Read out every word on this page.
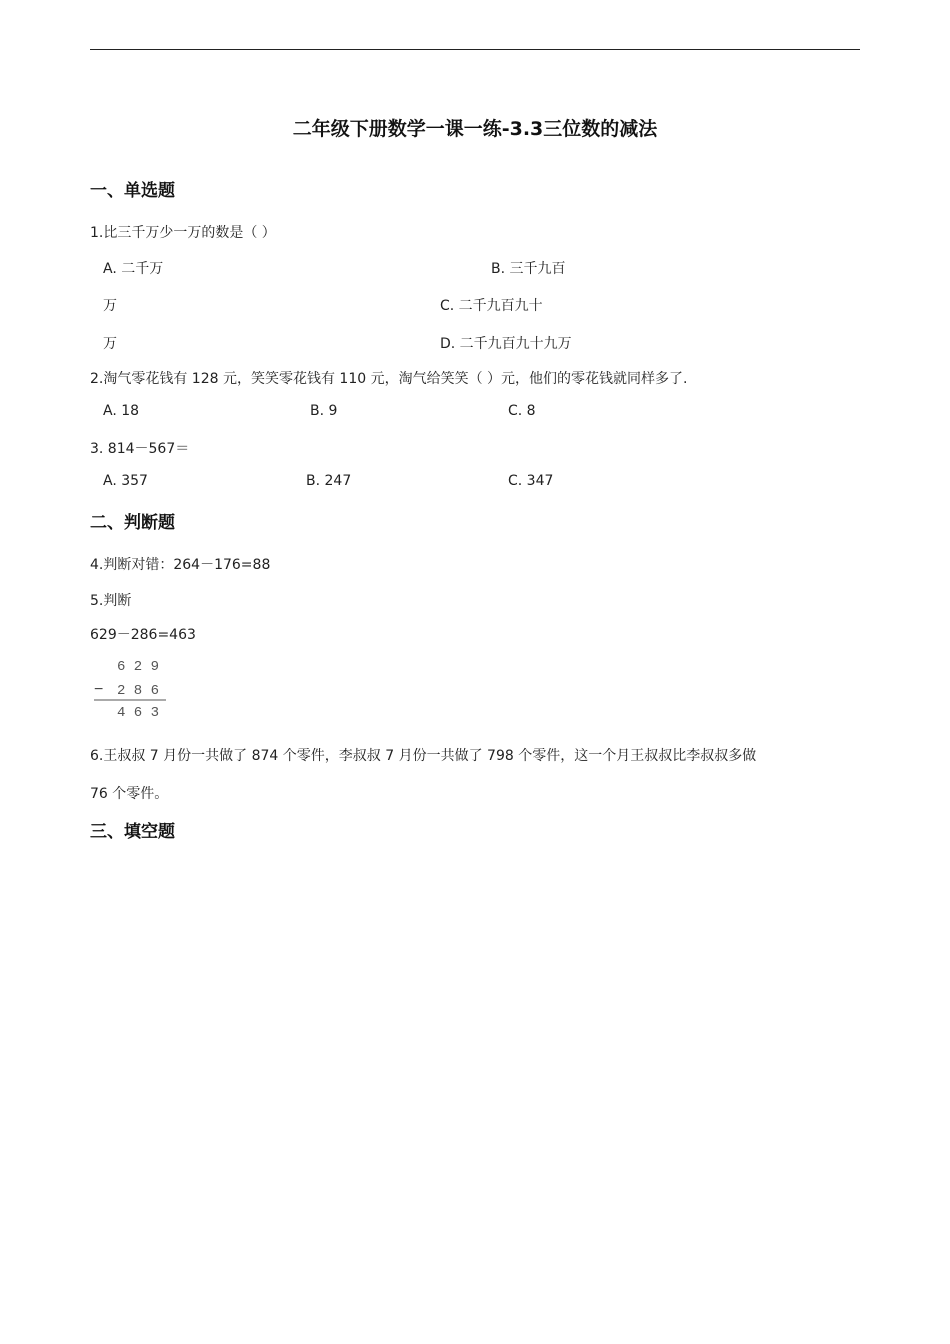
二年级下册数学一课一练-3.3三位数的减法
一、单选题
1.比三千万少一万的数是（ ）
A. 二千万	B. 三千九百
万	C. 二千九百九十
万	D. 二千九百九十九万
2.淘气零花钱有 128 元，笑笑零花钱有 110 元，淘气给笑笑（ ）元，他们的零花钱就同样多了.
A. 18	B. 9	C. 8
3. 814－567＝
A. 357	B. 247	C. 347
二、判断题
4.判断对错：264－176=88
5.判断
629－286=463
6 2 9
− 2 8 6
4 6 3
6.王叔叔 7 月份一共做了 874 个零件，李叔叔 7 月份一共做了 798 个零件，这一个月王叔叔比李叔叔多做
76 个零件。
三、填空题
